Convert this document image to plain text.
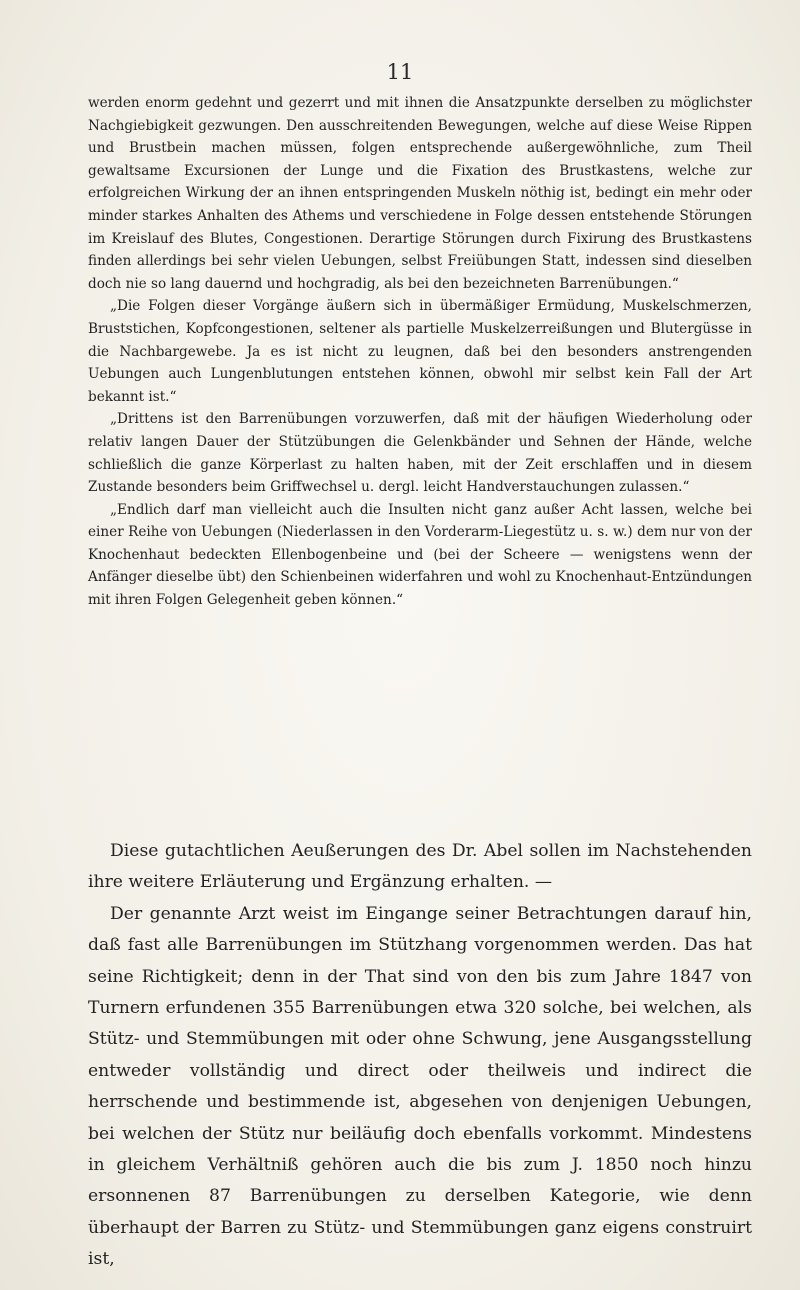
11

werden enorm gedehnt und gezerrt und mit ihnen die Ansatzpunkte derselben zu möglichster Nachgiebigkeit gezwungen. Den ausschreitenden Bewegungen, welche auf diese Weise Rippen und Brustbein machen müssen, folgen entsprechende außergewöhnliche, zum Theil gewaltsame Excursionen der Lunge und die Fixation des Brustkastens, welche zur erfolgreichen Wirkung der an ihnen entspringenden Muskeln nöthig ist, bedingt ein mehr oder minder starkes Anhalten des Athems und verschiedene in Folge dessen entstehende Störungen im Kreislauf des Blutes, Congestionen. Derartige Störungen durch Fixirung des Brustkastens finden allerdings bei sehr vielen Uebungen, selbst Freiübungen Statt, indessen sind dieselben doch nie so lang dauernd und hochgradig, als bei den bezeichneten Barrenübungen.“

„Die Folgen dieser Vorgänge äußern sich in übermäßiger Ermüdung, Muskelschmerzen, Bruststichen, Kopfcongestionen, seltener als partielle Muskelzerreißungen und Blutergüsse in die Nachbargewebe. Ja es ist nicht zu leugnen, daß bei den besonders anstrengenden Uebungen auch Lungenblutungen entstehen können, obwohl mir selbst kein Fall der Art bekannt ist.“

„Drittens ist den Barrenübungen vorzuwerfen, daß mit der häufigen Wiederholung oder relativ langen Dauer der Stützübungen die Gelenkbänder und Sehnen der Hände, welche schließlich die ganze Körperlast zu halten haben, mit der Zeit erschlaffen und in diesem Zustande besonders beim Griffwechsel u. dergl. leicht Handverstauchungen zulassen.“

„Endlich darf man vielleicht auch die Insulten nicht ganz außer Acht lassen, welche bei einer Reihe von Uebungen (Niederlassen in den Vorderarm-Liegestütz u. s. w.) dem nur von der Knochenhaut bedeckten Ellenbogenbeine und (bei der Scheere — wenigstens wenn der Anfänger dieselbe übt) den Schienbeinen widerfahren und wohl zu Knochenhaut-Entzündungen mit ihren Folgen Gelegenheit geben können.“

Diese gutachtlichen Aeußerungen des Dr. Abel sollen im Nachstehenden ihre weitere Erläuterung und Ergänzung erhalten. —

Der genannte Arzt weist im Eingange seiner Betrachtungen darauf hin, daß fast alle Barrenübungen im Stützhang vorgenommen werden. Das hat seine Richtigkeit; denn in der That sind von den bis zum Jahre 1847 von Turnern erfundenen 355 Barrenübungen etwa 320 solche, bei welchen, als Stütz- und Stemmübungen mit oder ohne Schwung, jene Ausgangsstellung entweder vollständig und direct oder theilweis und indirect die herrschende und bestimmende ist, abgesehen von denjenigen Uebungen, bei welchen der Stütz nur beiläufig doch ebenfalls vorkommt. Mindestens in gleichem Verhältniß gehören auch die bis zum J. 1850 noch hinzu ersonnenen 87 Barrenübungen zu derselben Kategorie, wie denn überhaupt der Barren zu Stütz- und Stemmübungen ganz eigens construirt ist,
